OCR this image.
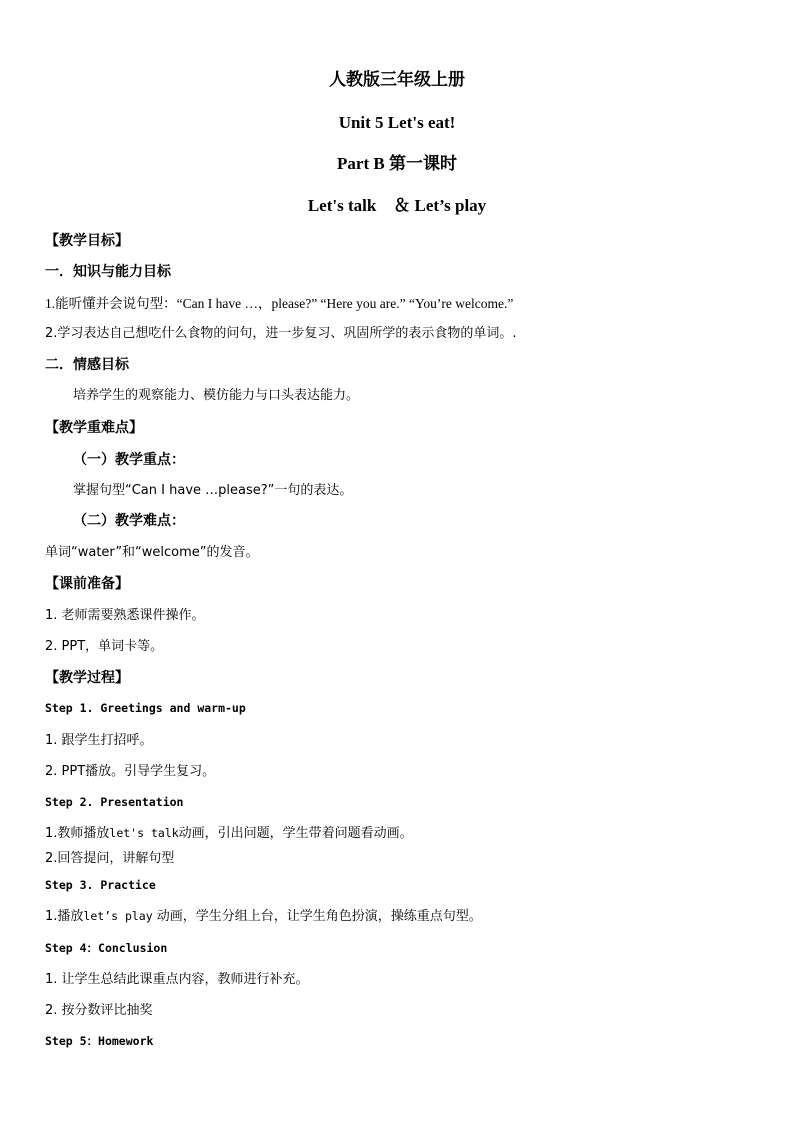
人教版三年级上册
Unit 5 Let's eat!
Part B 第一课时
Let's talk　＆ Let’s play
【教学目标】
一．知识与能力目标
1.能听懂并会说句型：“Can I have …，please?” “Here you are.” “You’re welcome.”
2.学习表达自己想吃什么食物的问句，进一步复习、巩固所学的表示食物的单词。.
二．情感目标
培养学生的观察能力、模仿能力与口头表达能力。
【教学重难点】
（一）教学重点：
掌握句型“Can I have …please?”一句的表达。
（二）教学难点：
单词“water”和“welcome”的发音。
【课前准备】
1. 老师需要熟悉课件操作。
2. PPT，单词卡等。
【教学过程】
Step 1. Greetings and warm-up
1. 跟学生打招呼。
2. PPT播放。引导学生复习。
Step 2. Presentation
1.教师播放let's talk动画，引出问题，学生带着问题看动画。
2.回答提问，讲解句型
Step 3. Practice
1.播放let’s play 动画，学生分组上台，让学生角色扮演，操练重点句型。
Step 4：Conclusion
1. 让学生总结此课重点内容，教师进行补充。
2. 按分数评比抽奖
Step 5：Homework
